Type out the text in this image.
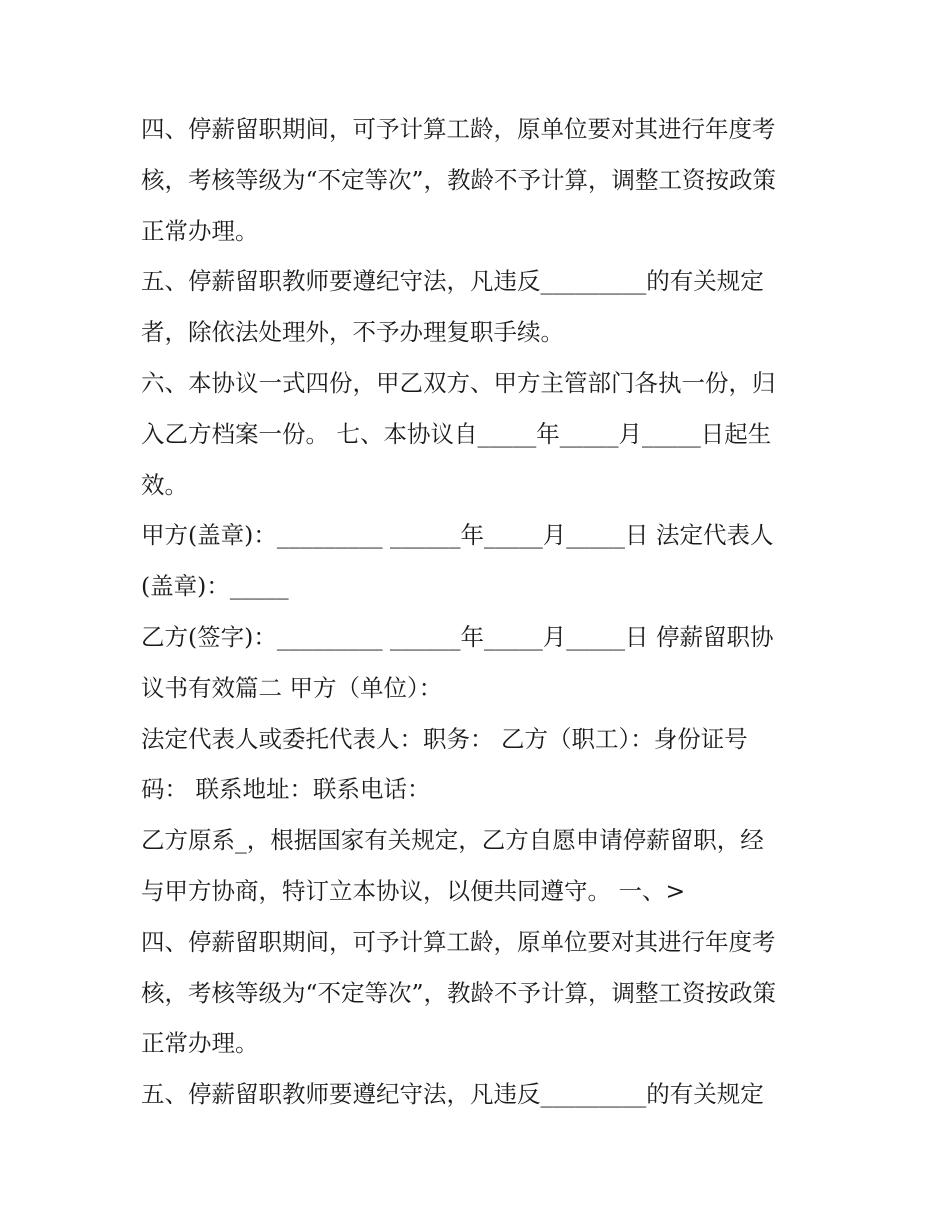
四、停薪留职期间，可予计算工龄，原单位要对其进行年度考

核，考核等级为“不定等次”，教龄不予计算，调整工资按政策

正常办理。

五、停薪留职教师要遵纪守法，凡违反_________的有关规定

者，除依法处理外，不予办理复职手续。

六、本协议一式四份，甲乙双方、甲方主管部门各执一份，归

入乙方档案一份。 七、本协议自_____年_____月_____日起生

效。

甲方(盖章)：_________ ______年_____月_____日 法定代表人

(盖章)：_____

乙方(签字)：_________ ______年_____月_____日 停薪留职协

议书有效篇二 甲方（单位）：

法定代表人或委托代表人：职务： 乙方（职工）：身份证号

码： 联系地址：联系电话：

乙方原系_，根据国家有关规定，乙方自愿申请停薪留职，经

与甲方协商，特订立本协议，以便共同遵守。 一、>

四、停薪留职期间，可予计算工龄，原单位要对其进行年度考

核，考核等级为“不定等次”，教龄不予计算，调整工资按政策

正常办理。

五、停薪留职教师要遵纪守法，凡违反_________的有关规定
